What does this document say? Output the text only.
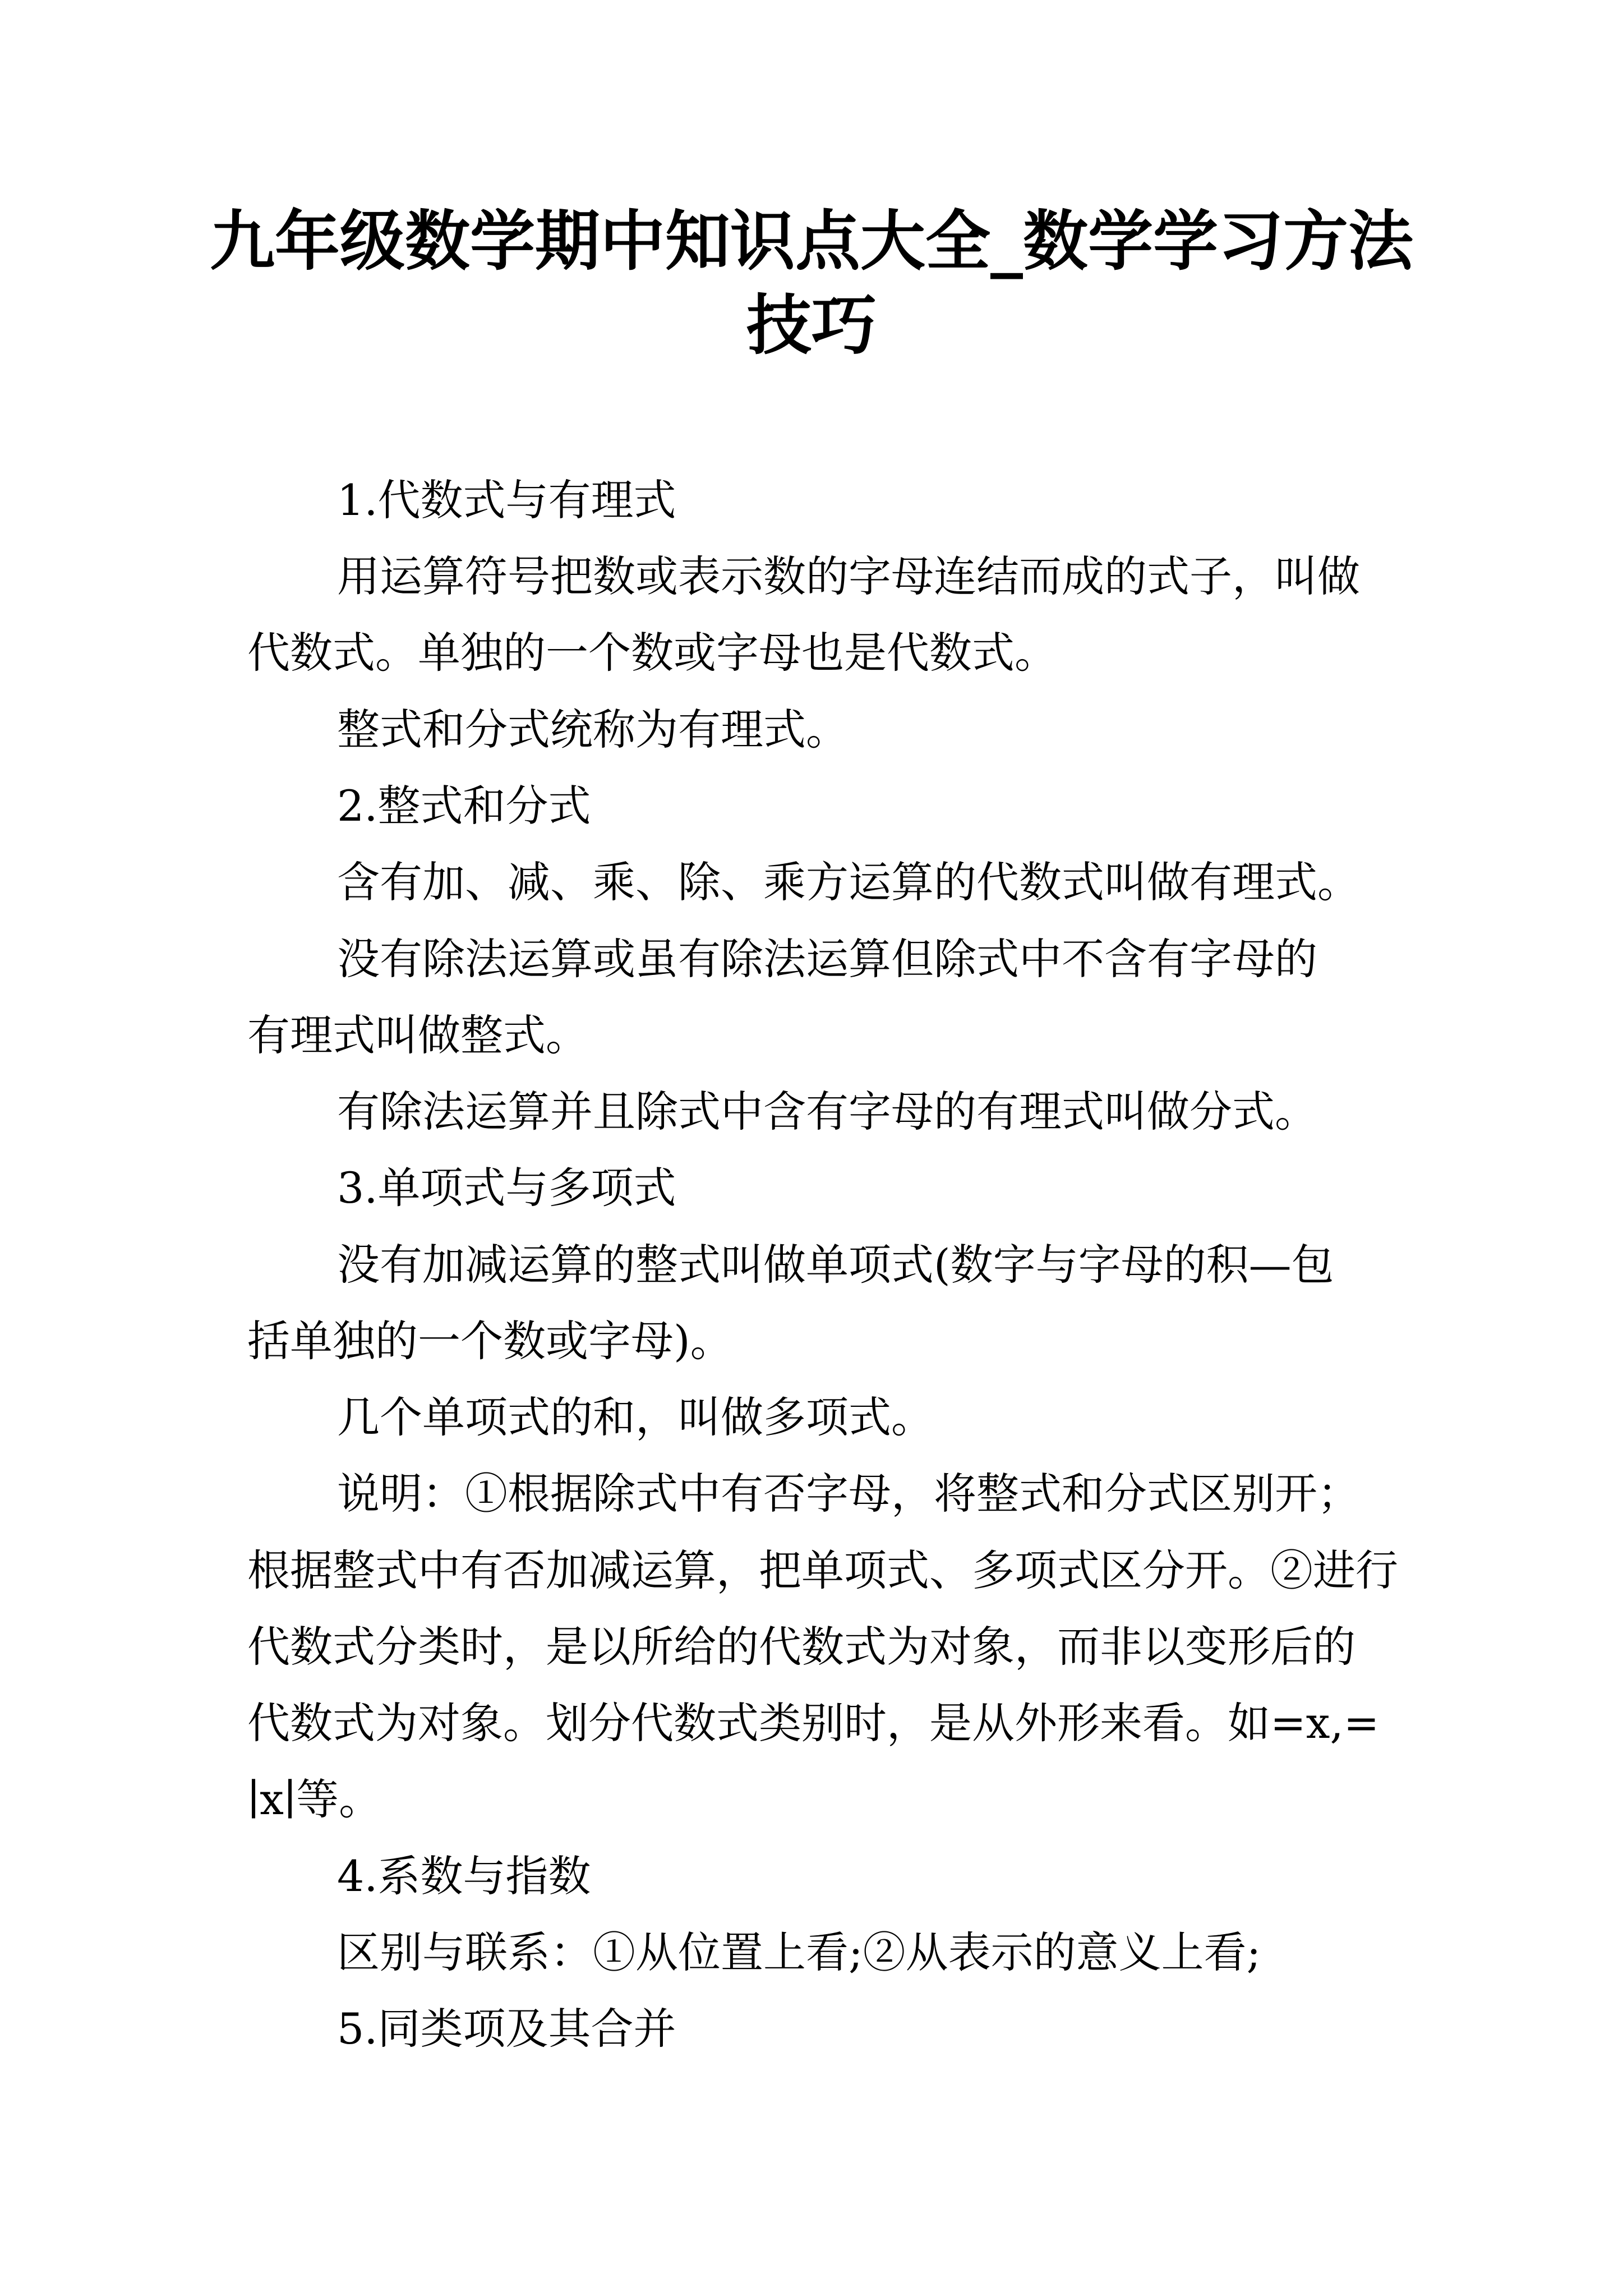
九年级数学期中知识点大全_数学学习方法
技巧

1.代数式与有理式

用运算符号把数或表示数的字母连结而成的式子，叫做

代数式。单独的一个数或字母也是代数式。

整式和分式统称为有理式。

2.整式和分式

含有加、减、乘、除、乘方运算的代数式叫做有理式。

没有除法运算或虽有除法运算但除式中不含有字母的

有理式叫做整式。

有除法运算并且除式中含有字母的有理式叫做分式。

3.单项式与多项式

没有加减运算的整式叫做单项式(数字与字母的积—包

括单独的一个数或字母)。

几个单项式的和，叫做多项式。

说明：①根据除式中有否字母，将整式和分式区别开；

根据整式中有否加减运算，把单项式、多项式区分开。②进行

代数式分类时，是以所给的代数式为对象，而非以变形后的

代数式为对象。划分代数式类别时，是从外形来看。如=x,=

∣x∣等。

4.系数与指数

区别与联系：①从位置上看;②从表示的意义上看;

5.同类项及其合并
